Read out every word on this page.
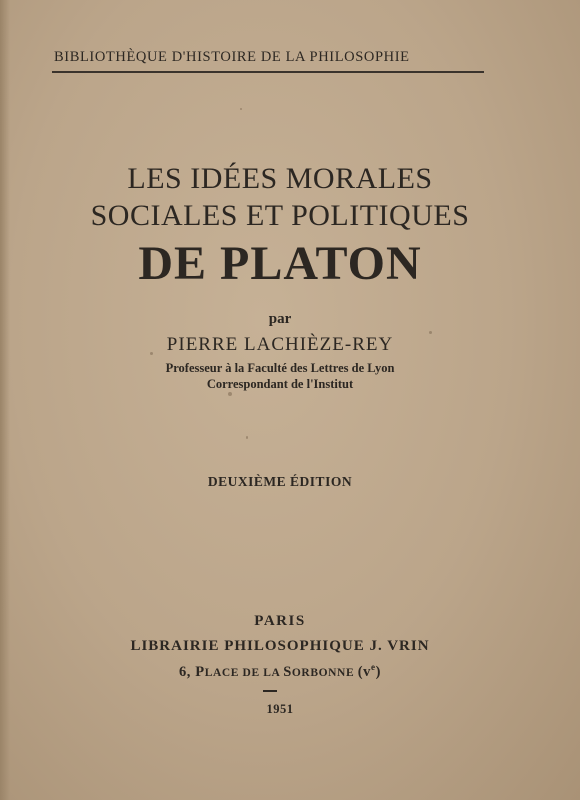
BIBLIOTHÈQUE D'HISTOIRE DE LA PHILOSOPHIE
LES IDÉES MORALES
SOCIALES ET POLITIQUES
DE PLATON
par
PIERRE LACHIÈZE-REY
Professeur à la Faculté des Lettres de Lyon
Correspondant de l'Institut
DEUXIÈME ÉDITION
PARIS
LIBRAIRIE PHILOSOPHIQUE J. VRIN
6, PLACE DE LA SORBONNE $(v^e)$
1951
